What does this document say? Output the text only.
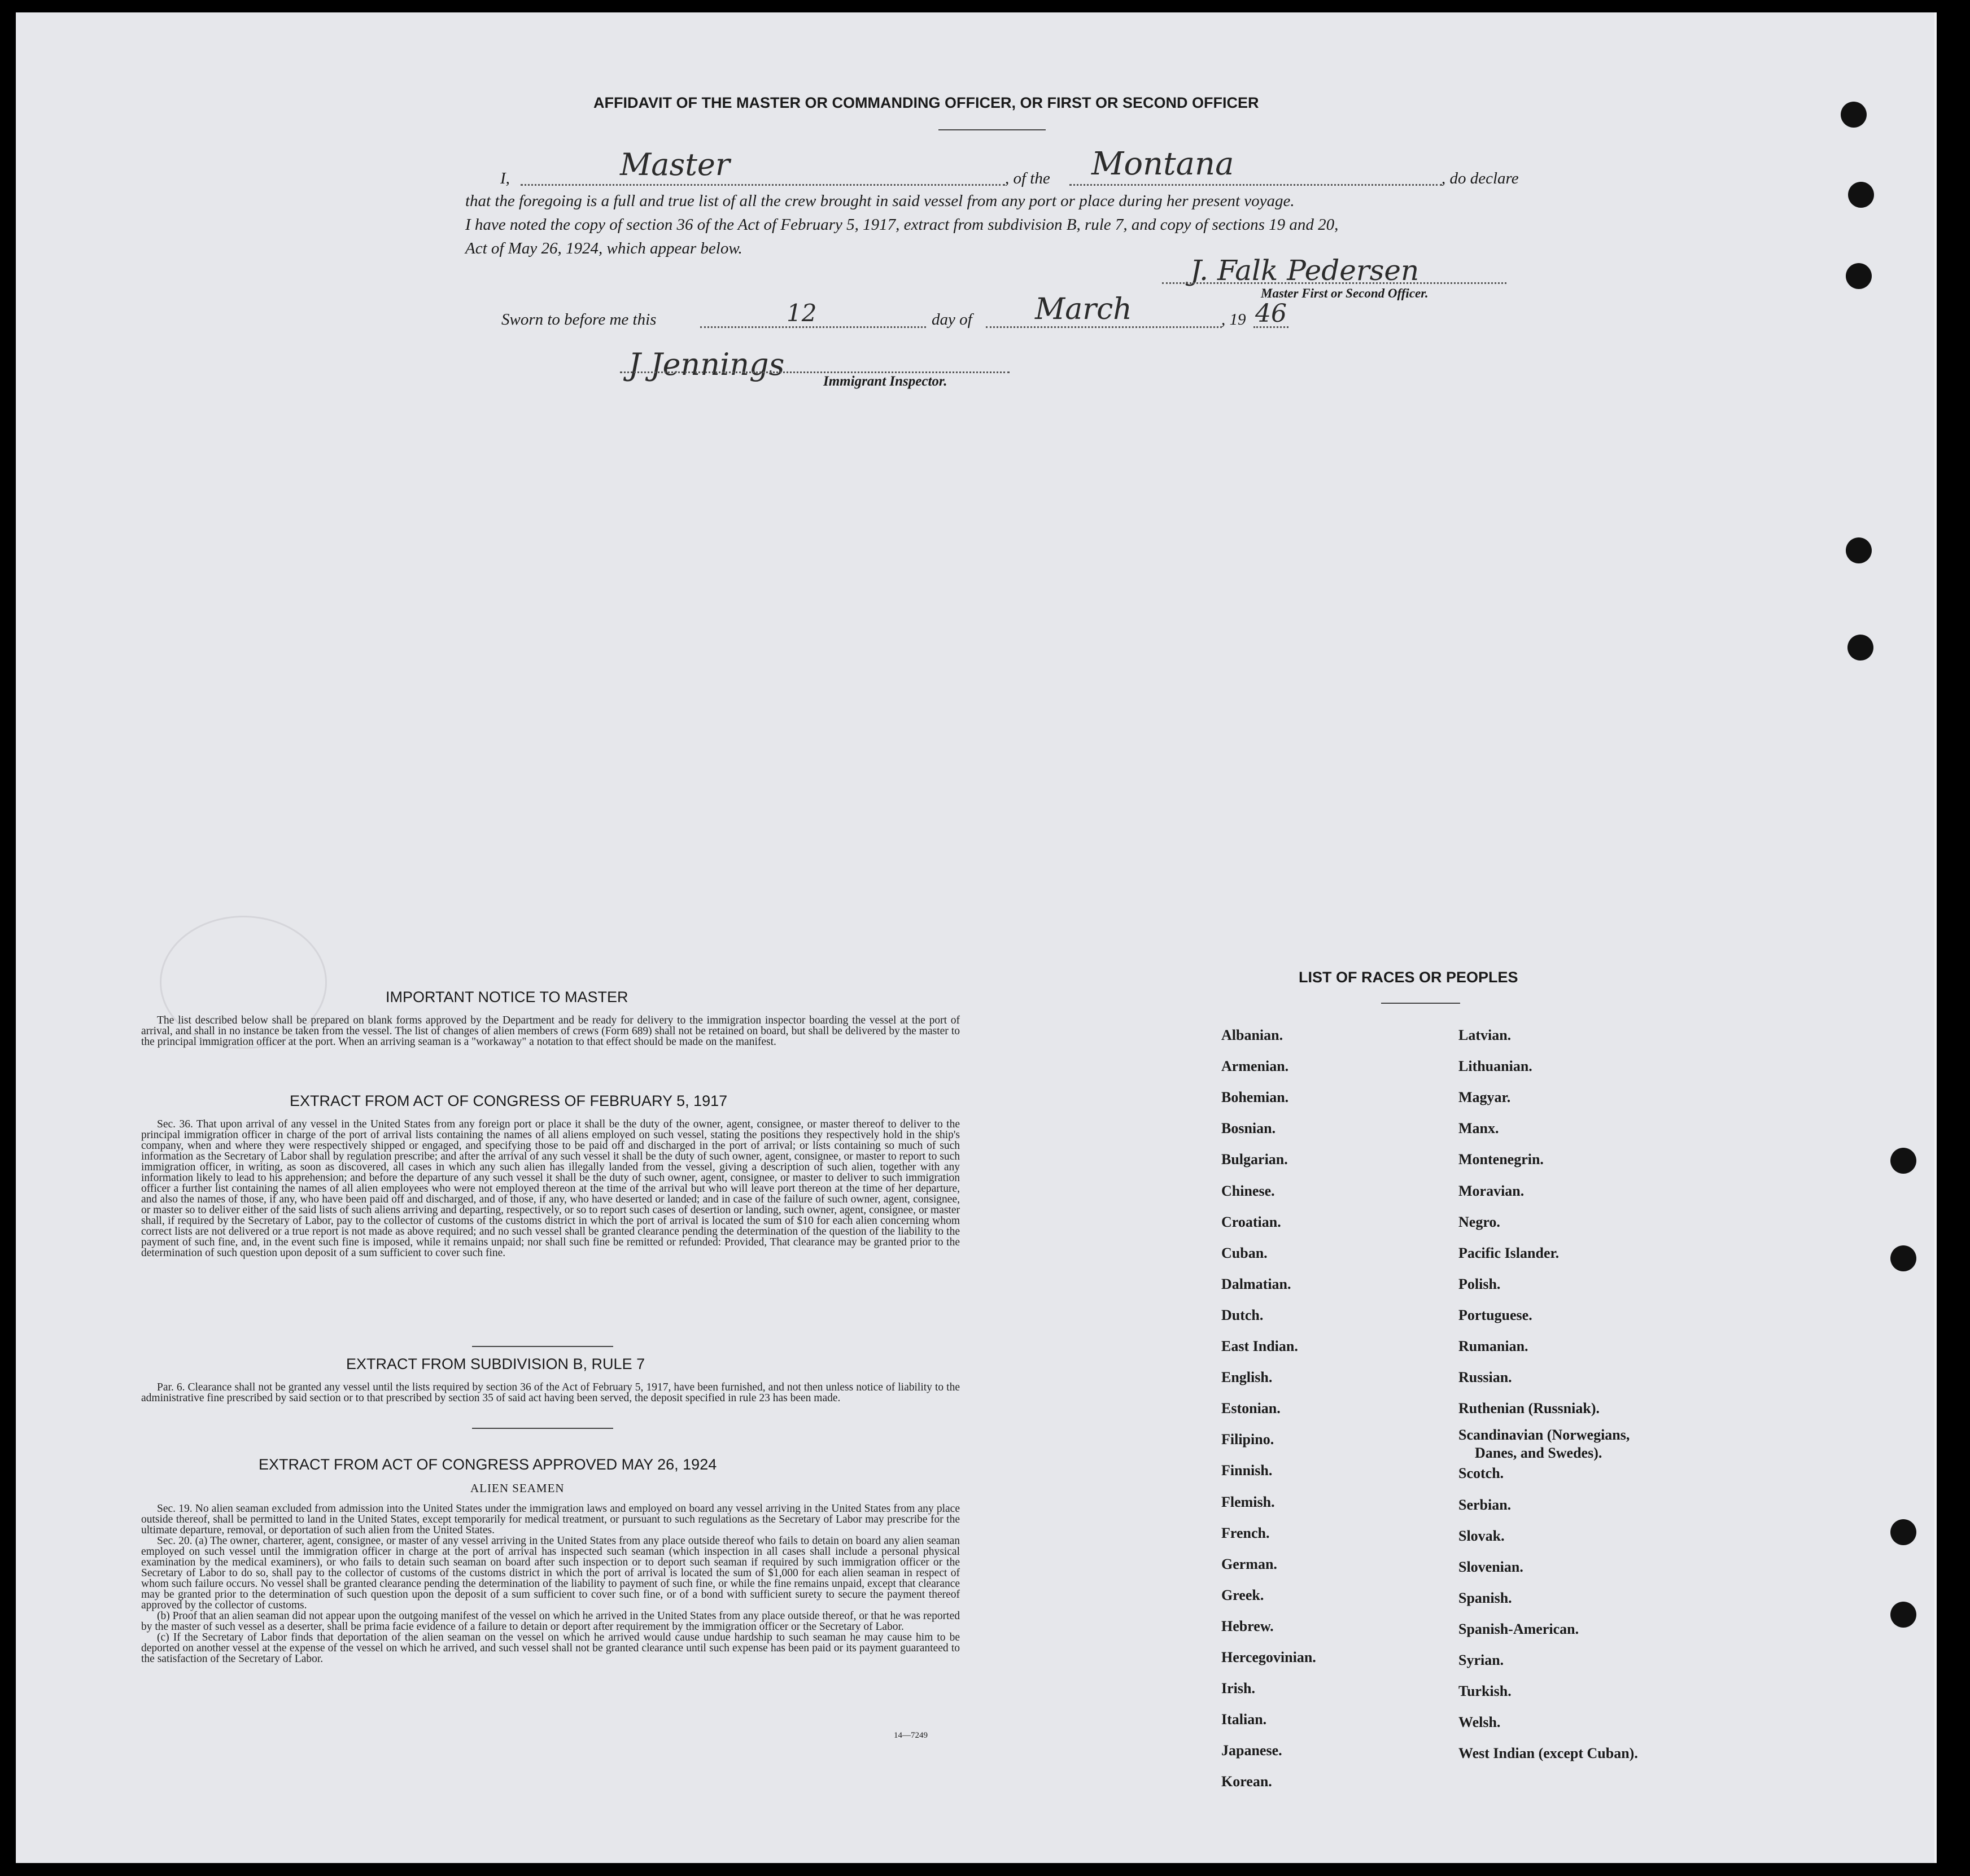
AFFIDAVIT OF THE MASTER OR COMMANDING OFFICER, OR FIRST OR SECOND OFFICER
I,	Master	, of the Montana	, do declare
that the foregoing is a full and true list of all the crew brought in said vessel from any port or place during her present voyage.
I have noted the copy of section 36 of the Act of February 5, 1917, extract from subdivision B, rule 7, and copy of sections 19 and 20,
Act of May 26, 1924, which appear below.
J. Falk Pedersen
Master First or Second Officer.
Sworn to before me this	12	day of March	, 19 46
J Jennings	Immigrant Inspector.
IMPORTANT NOTICE TO MASTER

The list described below shall be prepared on blank forms approved by the Department and be ready for delivery to the immigration inspector boarding the vessel at the port of arrival, and shall in no instance be taken from the vessel. The list of changes of alien members of crews (Form 689) shall not be retained on board, but shall be delivered by the master to the principal immigration officer at the port. When an arriving seaman is a "workaway" a notation to that effect should be made on the manifest.

EXTRACT FROM ACT OF CONGRESS OF FEBRUARY 5, 1917

Sec. 36. That upon arrival of any vessel in the United States from any foreign port or place it shall be the duty of the owner, agent, consignee, or master thereof to deliver to the principal immigration officer in charge of the port of arrival lists containing the names of all aliens employed on such vessel, stating the positions they respectively hold in the ship's company, when and where they were respectively shipped or engaged, and specifying those to be paid off and discharged in the port of arrival; or lists containing so much of such information as the Secretary of Labor shall by regulation prescribe; and after the arrival of any such vessel it shall be the duty of such owner, agent, consignee, or master to report to such immigration officer, in writing, as soon as discovered, all cases in which any such alien has illegally landed from the vessel, giving a description of such alien, together with any information likely to lead to his apprehension; and before the departure of any such vessel it shall be the duty of such owner, agent, consignee, or master to deliver to such immigration officer a further list containing the names of all alien employees who were not employed thereon at the time of the arrival but who will leave port thereon at the time of her departure, and also the names of those, if any, who have been paid off and discharged, and of those, if any, who have deserted or landed; and in case of the failure of such owner, agent, consignee, or master so to deliver either of the said lists of such aliens arriving and departing, respectively, or so to report such cases of desertion or landing, such owner, agent, consignee, or master shall, if required by the Secretary of Labor, pay to the collector of customs of the customs district in which the port of arrival is located the sum of $10 for each alien concerning whom correct lists are not delivered or a true report is not made as above required; and no such vessel shall be granted clearance pending the determination of the question of the liability to the payment of such fine, and, in the event such fine is imposed, while it remains unpaid; nor shall such fine be remitted or refunded: Provided, That clearance may be granted prior to the determination of such question upon deposit of a sum sufficient to cover such fine.

EXTRACT FROM SUBDIVISION B, RULE 7

Par. 6. Clearance shall not be granted any vessel until the lists required by section 36 of the Act of February 5, 1917, have been furnished, and not then unless notice of liability to the administrative fine prescribed by said section or to that prescribed by section 35 of said act having been served, the deposit specified in rule 23 has been made.

EXTRACT FROM ACT OF CONGRESS APPROVED MAY 26, 1924
ALIEN SEAMEN

Sec. 19. No alien seaman excluded from admission into the United States under the immigration laws and employed on board any vessel arriving in the United States from any place outside thereof, shall be permitted to land in the United States, except temporarily for medical treatment, or pursuant to such regulations as the Secretary of Labor may prescribe for the ultimate departure, removal, or deportation of such alien from the United States.

Sec. 20. (a) The owner, charterer, agent, consignee, or master of any vessel arriving in the United States from any place outside thereof who fails to detain on board any alien seaman employed on such vessel until the immigration officer in charge at the port of arrival has inspected such seaman (which inspection in all cases shall include a personal physical examination by the medical examiners), or who fails to detain such seaman on board after such inspection or to deport such seaman if required by such immigration officer or the Secretary of Labor to do so, shall pay to the collector of customs of the customs district in which the port of arrival is located the sum of $1,000 for each alien seaman in respect of whom such failure occurs. No vessel shall be granted clearance pending the determination of the liability to payment of such fine, or while the fine remains unpaid, except that clearance may be granted prior to the determination of such question upon the deposit of a sum sufficient to cover such fine, or of a bond with sufficient surety to secure the payment thereof approved by the collector of customs.

(b) Proof that an alien seaman did not appear upon the outgoing manifest of the vessel on which he arrived in the United States from any place outside thereof, or that he was reported by the master of such vessel as a deserter, shall be prima facie evidence of a failure to detain or deport after requirement by the immigration officer or the Secretary of Labor.

(c) If the Secretary of Labor finds that deportation of the alien seaman on the vessel on which he arrived would cause undue hardship to such seaman he may cause him to be deported on another vessel at the expense of the vessel on which he arrived, and such vessel shall not be granted clearance until such expense has been paid or its payment guaranteed to the satisfaction of the Secretary of Labor.

14—7249
LIST OF RACES OR PEOPLES
Albanian.
Armenian.
Bohemian.
Bosnian.
Bulgarian.
Chinese.
Croatian.
Cuban.
Dalmatian.
Dutch.
East Indian.
English.
Estonian.
Filipino.
Finnish.
Flemish.
French.
German.
Greek.
Hebrew.
Hercegovinian.
Irish.
Italian.
Japanese.
Korean.
Latvian.
Lithuanian.
Magyar.
Manx.
Montenegrin.
Moravian.
Negro.
Pacific Islander.
Polish.
Portuguese.
Rumanian.
Russian.
Ruthenian (Russniak).
Scandinavian (Norwegians,
Danes, and Swedes).
Scotch.
Serbian.
Slovak.
Slovenian.
Spanish.
Spanish-American.
Syrian.
Turkish.
Welsh.
West Indian (except Cuban).
